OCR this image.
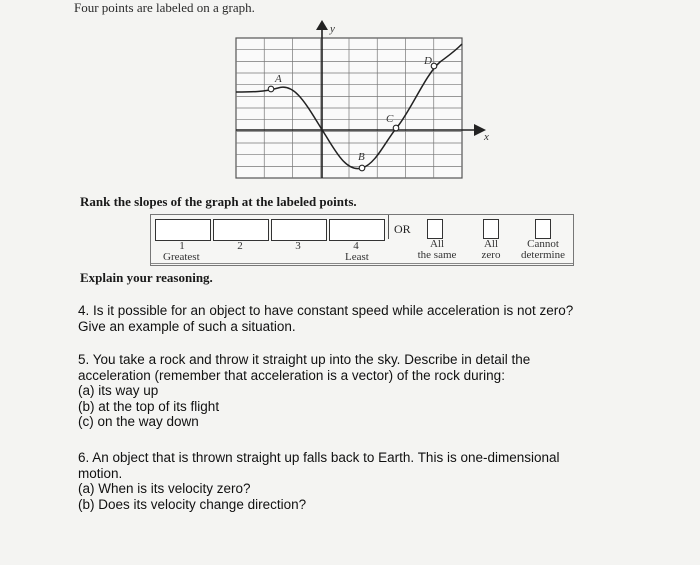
Four points are labeled on a graph.
y
x
A
B
C
D
Rank the slopes of the graph at the labeled points.
1	2	3	4
Greatest	Least
OR
All
the same
All
zero
Cannot
determine
Explain your reasoning.
4. Is it possible for an object to have constant speed while acceleration is not zero?
Give an example of such a situation.
5. You take a rock and throw it straight up into the sky. Describe in detail the
acceleration (remember that acceleration is a vector) of the rock during:
(a) its way up
(b) at the top of its flight
(c) on the way down
6. An object that is thrown straight up falls back to Earth. This is one-dimensional
motion.
(a) When is its velocity zero?
(b) Does its velocity change direction?
